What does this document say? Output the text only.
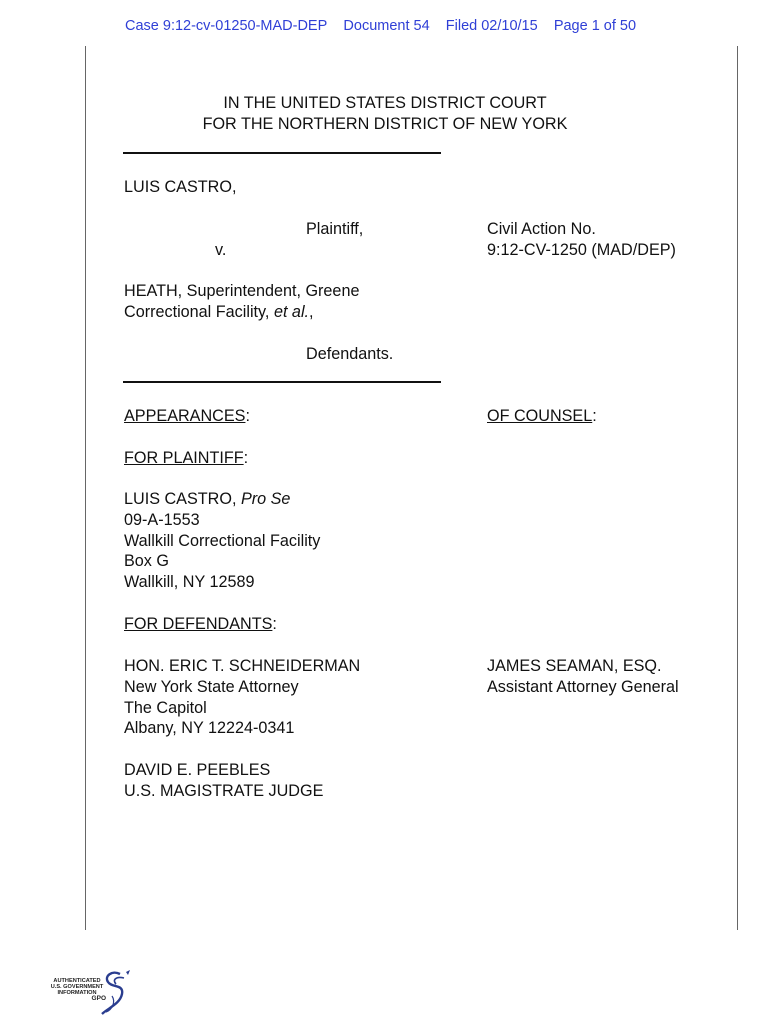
Case 9:12-cv-01250-MAD-DEP Document 54 Filed 02/10/15 Page 1 of 50
IN THE UNITED STATES DISTRICT COURT
FOR THE NORTHERN DISTRICT OF NEW YORK
LUIS CASTRO,
Plaintiff,
v.
Civil Action No.
9:12-CV-1250 (MAD/DEP)
HEATH, Superintendent, Greene
Correctional Facility, et al.,
Defendants.
APPEARANCES:	OF COUNSEL:
FOR PLAINTIFF:
LUIS CASTRO, Pro Se
09-A-1553
Wallkill Correctional Facility
Box G
Wallkill, NY 12589
FOR DEFENDANTS:
HON. ERIC T. SCHNEIDERMAN
New York State Attorney
The Capitol
Albany, NY 12224-0341
JAMES SEAMAN, ESQ.
Assistant Attorney General
DAVID E. PEEBLES
U.S. MAGISTRATE JUDGE
AUTHENTICATED
U.S. GOVERNMENT
INFORMATION
GPO
